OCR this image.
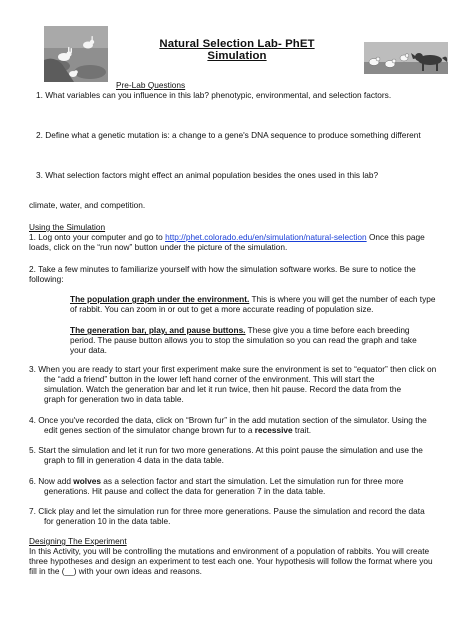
Natural Selection Lab- PhET Simulation
Pre-Lab Questions
1. What variables can you influence in this lab? phenotypic, environmental, and selection factors.
2. Define what a genetic mutation is: a change to a gene's DNA sequence to produce something different
3. What selection factors might effect an animal population besides the ones used in this lab?
climate, water, and competition.
Using the Simulation
1. Log onto your computer and go to http://phet.colorado.edu/en/simulation/natural-selection Once this page
loads, click on the “run now” button under the picture of the simulation.
2. Take a few minutes to familiarize yourself with how the simulation software works. Be sure to notice the
following:
The population graph under the environment. This is where you will get the number of each type
of rabbit. You can zoom in or out to get a more accurate reading of population size.
The generation bar, play, and pause buttons. These give you a time before each breeding
period. The pause button allows you to stop the simulation so you can read the graph and take
your data.
3. When you are ready to start your first experiment make sure the environment is set to “equator” then click on
the “add a friend” button in the lower left hand corner of the environment. This will start the
simulation. Watch the generation bar and let it run twice, then hit pause. Record the data from the
graph for generation two in data table.
4. Once you've recorded the data, click on “Brown fur” in the add mutation section of the simulator. Using the
edit genes section of the simulator change brown fur to a recessive trait.
5. Start the simulation and let it run for two more generations. At this point pause the simulation and use the
graph to fill in generation 4 data in the data table.
6. Now add wolves as a selection factor and start the simulation. Let the simulation run for three more
generations. Hit pause and collect the data for generation 7 in the data table.
7. Click play and let the simulation run for three more generations. Pause the simulation and record the data
for generation 10 in the data table.
Designing The Experiment
In this Activity, you will be controlling the mutations and environment of a population of rabbits. You will create
three hypotheses and design an experiment to test each one. Your hypothesis will follow the format where you
fill in the (__) with your own ideas and reasons.
